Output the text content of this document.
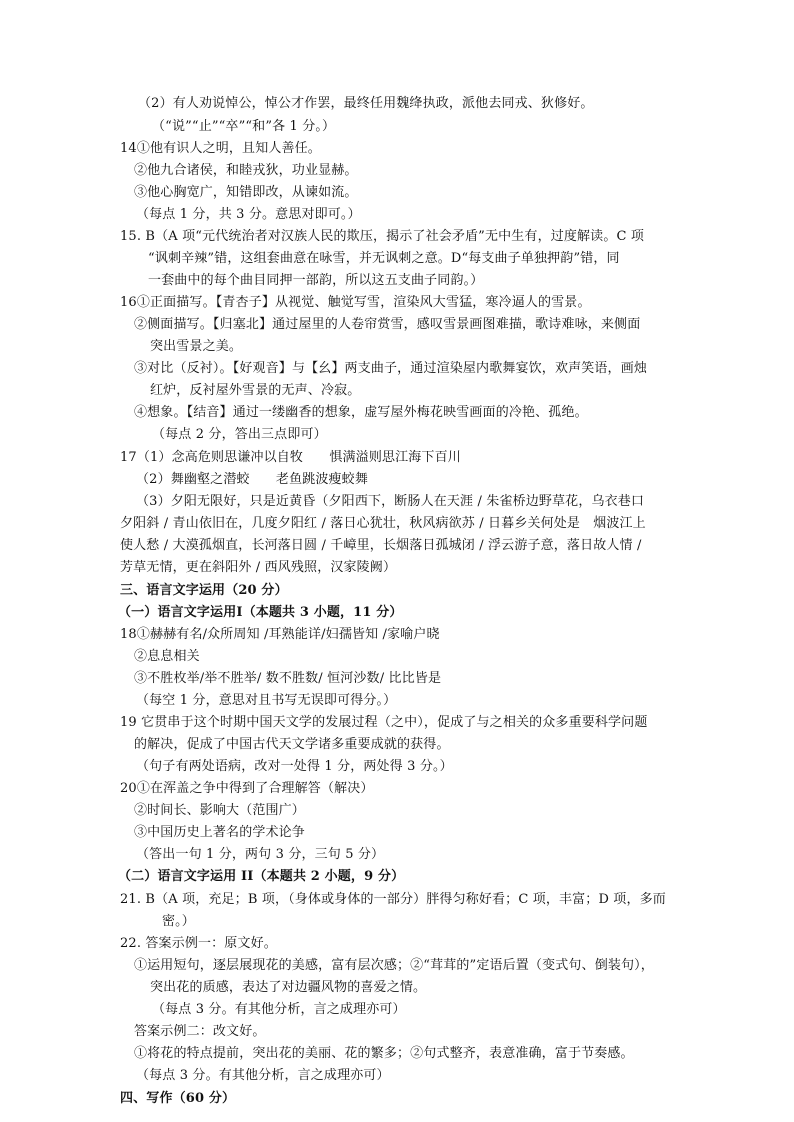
（2）有人劝说悼公，悼公才作罢，最终任用魏绛执政，派他去同戎、狄修好。
（“说”“止”“卒”“和”各 1 分。）
14①他有识人之明，且知人善任。
②他九合诸侯，和睦戎狄，功业显赫。
③他心胸宽广，知错即改，从谏如流。
（每点 1 分，共 3 分。意思对即可。）
15. B（A 项“元代统治者对汉族人民的欺压，揭示了社会矛盾”无中生有，过度解读。C 项
“讽刺辛辣”错，这组套曲意在咏雪，并无讽刺之意。D“每支曲子单独押韵”错，同
一套曲中的每个曲目同押一部韵，所以这五支曲子同韵。）
16①正面描写。【青杏子】从视觉、触觉写雪，渲染风大雪猛，寒冷逼人的雪景。
②侧面描写。【归塞北】通过屋里的人卷帘赏雪，感叹雪景画图难描，歌诗难咏，来侧面
突出雪景之美。
③对比（反衬）。【好观音】与【幺】两支曲子，通过渲染屋内歌舞宴饮，欢声笑语，画烛
红炉，反衬屋外雪景的无声、冷寂。
④想象。【结音】通过一缕幽香的想象，虚写屋外梅花映雪画面的冷艳、孤绝。
（每点 2 分，答出三点即可）
17（1）念高危则思谦冲以自牧　　惧满溢则思江海下百川
（2）舞幽壑之潜蛟　　老鱼跳波瘦蛟舞
（3）夕阳无限好，只是近黄昏（夕阳西下，断肠人在天涯 / 朱雀桥边野草花，乌衣巷口
夕阳斜 / 青山依旧在，几度夕阳红 / 落日心犹壮，秋风病欲苏 / 日暮乡关何处是　烟波江上
使人愁 / 大漠孤烟直，长河落日圆 / 千嶂里，长烟落日孤城闭 / 浮云游子意，落日故人情 /
芳草无情，更在斜阳外 / 西风残照，汉家陵阙）
三、语言文字运用（20 分）
（一）语言文字运用Ⅰ（本题共 3 小题，11 分）
18①赫赫有名/众所周知 /耳熟能详/妇孺皆知 /家喻户晓
②息息相关
③不胜枚举/举不胜举/ 数不胜数/ 恒河沙数/ 比比皆是
（每空 1 分，意思对且书写无误即可得分。）
19 它贯串于这个时期中国天文学的发展过程（之中），促成了与之相关的众多重要科学问题
的解决，促成了中国古代天文学诸多重要成就的获得。
（句子有两处语病，改对一处得 1 分，两处得 3 分。）
20①在浑盖之争中得到了合理解答（解决）
②时间长、影响大（范围广）
③中国历史上著名的学术论争
（答出一句 1 分，两句 3 分，三句 5 分）
（二）语言文字运用 II（本题共 2 小题，9 分）
21. B（A 项，充足；B 项，（身体或身体的一部分）胖得匀称好看；C 项，丰富；D 项，多而
密。）
22. 答案示例一：原文好。
①运用短句，逐层展现花的美感，富有层次感；②“茸茸的”定语后置（变式句、倒装句），
突出花的质感，表达了对边疆风物的喜爱之情。
（每点 3 分。有其他分析，言之成理亦可）
答案示例二：改文好。
①将花的特点提前，突出花的美丽、花的繁多；②句式整齐，表意准确，富于节奏感。
（每点 3 分。有其他分析，言之成理亦可）
四、写作（60 分）
